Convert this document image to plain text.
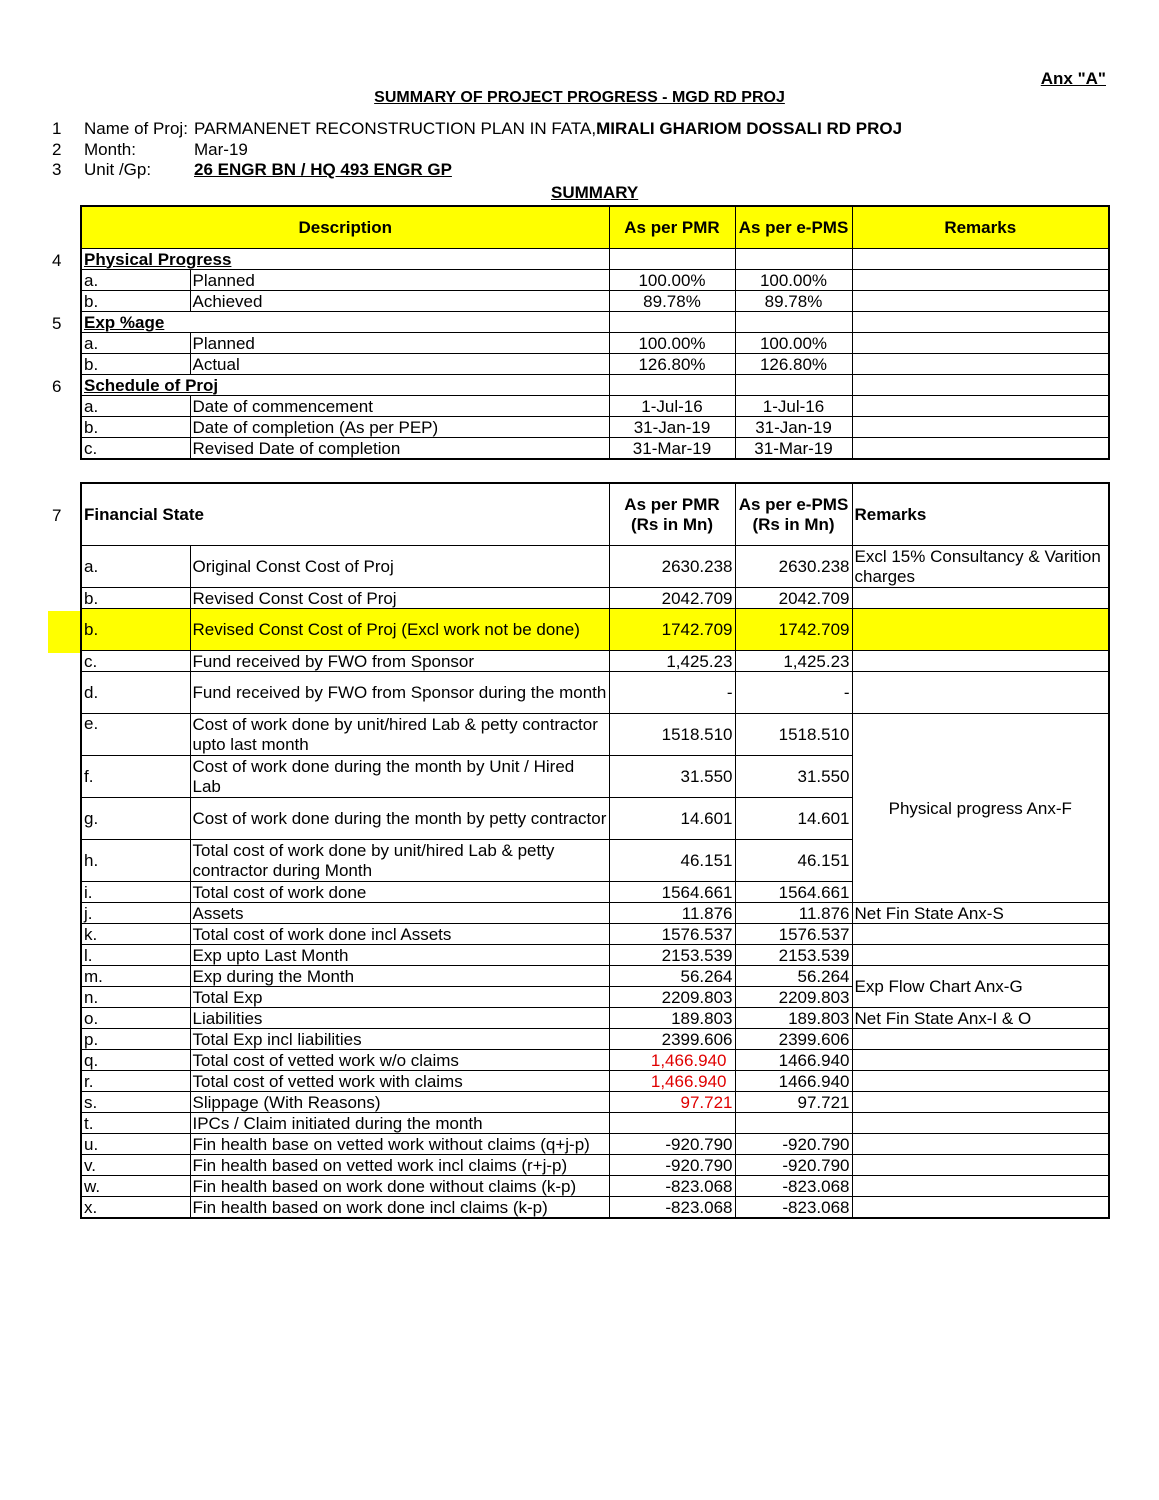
Anx "A"
SUMMARY OF PROJECT PROGRESS - MGD RD PROJ
1 Name of Proj: PARMANENET RECONSTRUCTION PLAN IN FATA,MIRALI GHARIOM DOSSALI RD PROJ
2 Month:	Mar-19
3 Unit /Gp:	26 ENGR BN / HQ 493 ENGR GP
SUMMARY
4
5
6
Description		As per PMR	As per e-PMS	Remarks
Physical Progress				
a.	Planned	100.00%	100.00%	
b.	Achieved	89.78%	89.78%	
Exp %age				
a.	Planned	100.00%	100.00%	
b.	Actual	126.80%	126.80%	
Schedule of Proj				
a.	Date of commencement	1-Jul-16	1-Jul-16	
b.	Date of completion (As per PEP)	31-Jan-19	31-Jan-19	
c.	Revised Date of completion	31-Mar-19	31-Mar-19	
7 Financial State		As per PMR (Rs in Mn)	As per e-PMS (Rs in Mn)	Remarks
a.	Original Const Cost of Proj	2630.238	2630.238	Excl 15% Consultancy & Varition charges
b.	Revised Const Cost of Proj	2042.709	2042.709	
b.	Revised Const Cost of Proj (Excl work not be done)	1742.709	1742.709	
c.	Fund received by FWO from Sponsor	1,425.23	1,425.23	
d.	Fund received by FWO from Sponsor during the month	-	-	
e.	Cost of work done by unit/hired Lab & petty contractor upto last month	1518.510	1518.510	Physical progress Anx-F
f.	Cost of work done during the month by Unit / Hired Lab	31.550	31.550	
g.	Cost of work done during the month by petty contractor	14.601	14.601	
h.	Total cost of work done by unit/hired Lab & petty contractor during Month	46.151	46.151	
i.	Total cost of work done	1564.661	1564.661	
j.	Assets	11.876	11.876	Net Fin State Anx-S
k.	Total cost of work done incl Assets	1576.537	1576.537	
l.	Exp upto Last Month	2153.539	2153.539	
m.	Exp during the Month	56.264	56.264	Exp Flow Chart Anx-G
n.	Total Exp	2209.803	2209.803	
o.	Liabilities	189.803	189.803	Net Fin State Anx-I & O
p.	Total Exp incl liabilities	2399.606	2399.606	
q.	Total cost of vetted work w/o claims	1,466.940	1466.940	
r.	Total cost of vetted work with claims	1,466.940	1466.940	
s.	Slippage (With Reasons)	97.721	97.721	
t.	IPCs / Claim initiated during the month			
u.	Fin health base on vetted work without claims (q+j-p)	-920.790	-920.790	
v.	Fin health based on vetted work incl claims (r+j-p)	-920.790	-920.790	
w.	Fin health based on work done without claims (k-p)	-823.068	-823.068	
x.	Fin health based on work done incl claims (k-p)	-823.068	-823.068	
